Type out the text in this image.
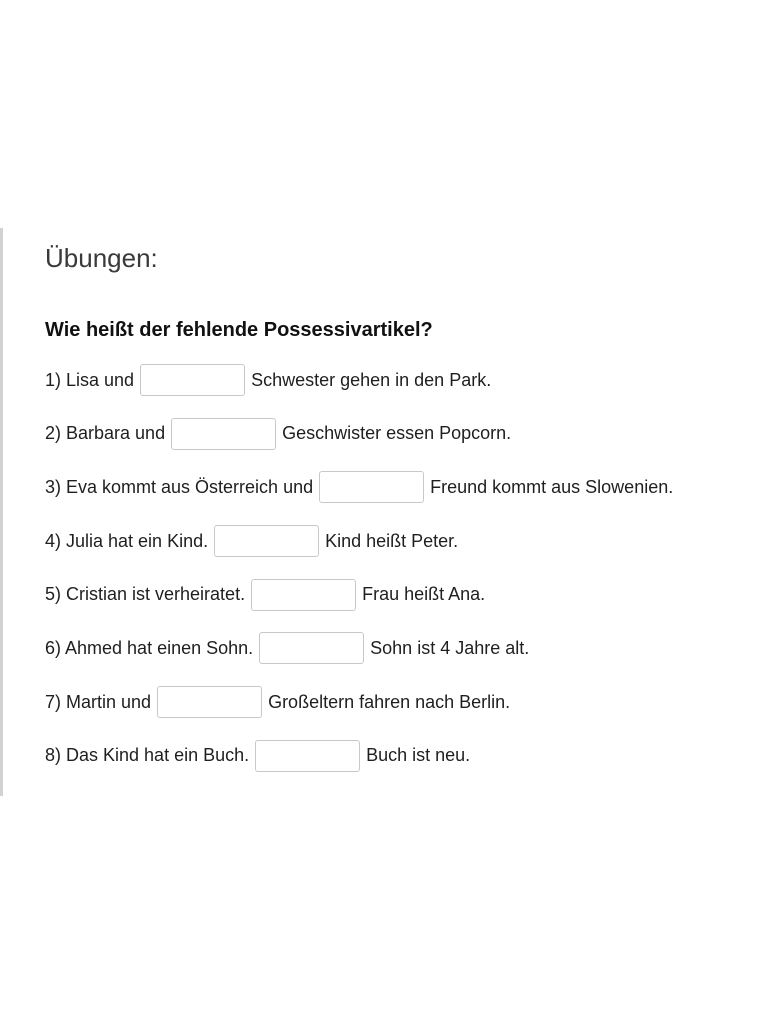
Übungen:
Wie heißt der fehlende Possessivartikel?
1) Lisa und	Schwester gehen in den Park.
2) Barbara und	Geschwister essen Popcorn.
3) Eva kommt aus Österreich und	Freund kommt aus Slowenien.
4) Julia hat ein Kind.	Kind heißt Peter.
5) Cristian ist verheiratet.	Frau heißt Ana.
6) Ahmed hat einen Sohn.	Sohn ist 4 Jahre alt.
7) Martin und	Großeltern fahren nach Berlin.
8) Das Kind hat ein Buch.	Buch ist neu.
